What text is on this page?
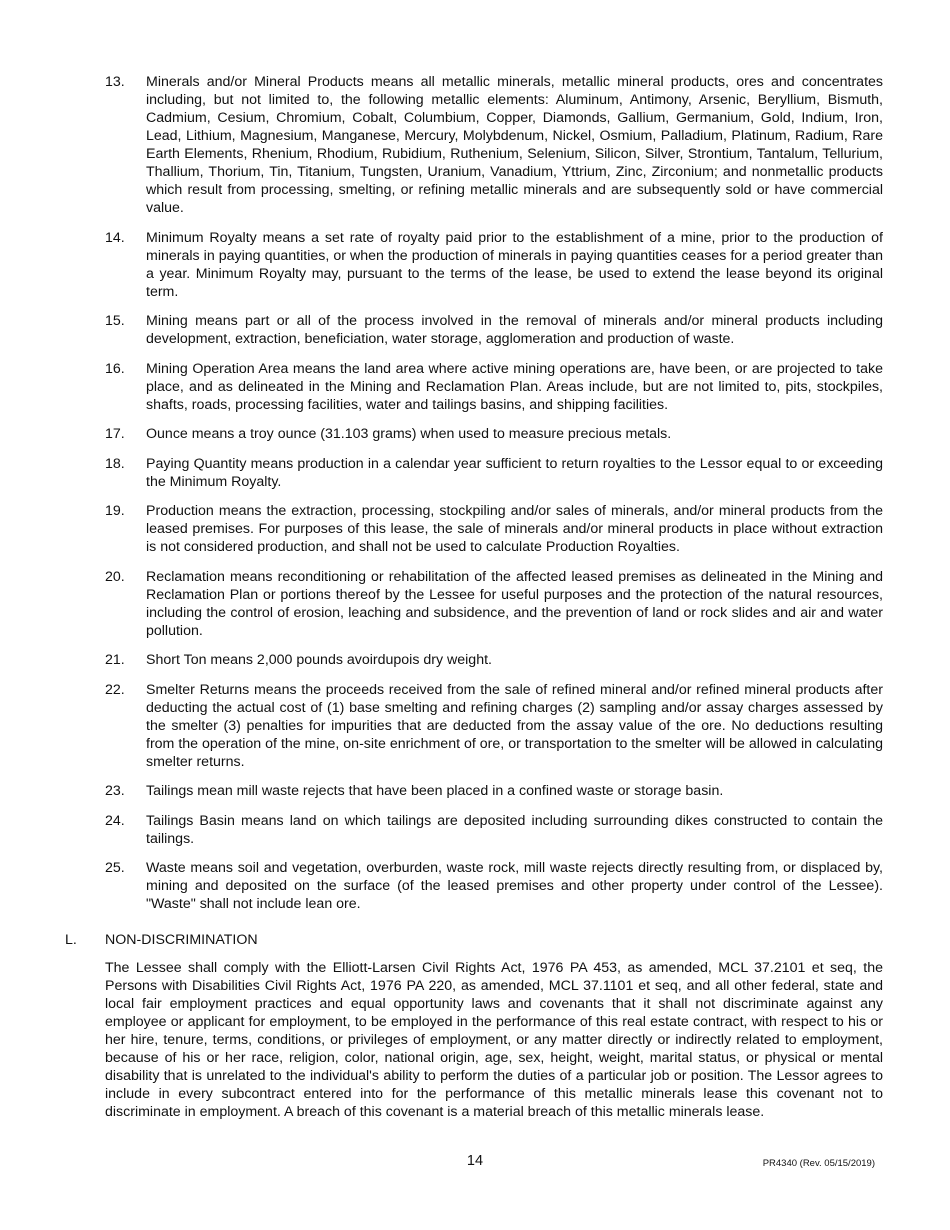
13.	Minerals and/or Mineral Products means all metallic minerals, metallic mineral products, ores and concentrates including, but not limited to, the following metallic elements: Aluminum, Antimony, Arsenic, Beryllium, Bismuth, Cadmium, Cesium, Chromium, Cobalt, Columbium, Copper, Diamonds, Gallium, Germanium, Gold, Indium, Iron, Lead, Lithium, Magnesium, Manganese, Mercury, Molybdenum, Nickel, Osmium, Palladium, Platinum, Radium, Rare Earth Elements, Rhenium, Rhodium, Rubidium, Ruthenium, Selenium, Silicon, Silver, Strontium, Tantalum, Tellurium, Thallium, Thorium, Tin, Titanium, Tungsten, Uranium, Vanadium, Yttrium, Zinc, Zirconium; and nonmetallic products which result from processing, smelting, or refining metallic minerals and are subsequently sold or have commercial value.
14.	Minimum Royalty means a set rate of royalty paid prior to the establishment of a mine, prior to the production of minerals in paying quantities, or when the production of minerals in paying quantities ceases for a period greater than a year. Minimum Royalty may, pursuant to the terms of the lease, be used to extend the lease beyond its original term.
15.	Mining means part or all of the process involved in the removal of minerals and/or mineral products including development, extraction, beneficiation, water storage, agglomeration and production of waste.
16.	Mining Operation Area means the land area where active mining operations are, have been, or are projected to take place, and as delineated in the Mining and Reclamation Plan. Areas include, but are not limited to, pits, stockpiles, shafts, roads, processing facilities, water and tailings basins, and shipping facilities.
17.	Ounce means a troy ounce (31.103 grams) when used to measure precious metals.
18.	Paying Quantity means production in a calendar year sufficient to return royalties to the Lessor equal to or exceeding the Minimum Royalty.
19.	Production means the extraction, processing, stockpiling and/or sales of minerals, and/or mineral products from the leased premises. For purposes of this lease, the sale of minerals and/or mineral products in place without extraction is not considered production, and shall not be used to calculate Production Royalties.
20.	Reclamation means reconditioning or rehabilitation of the affected leased premises as delineated in the Mining and Reclamation Plan or portions thereof by the Lessee for useful purposes and the protection of the natural resources, including the control of erosion, leaching and subsidence, and the prevention of land or rock slides and air and water pollution.
21.	Short Ton means 2,000 pounds avoirdupois dry weight.
22.	Smelter Returns means the proceeds received from the sale of refined mineral and/or refined mineral products after deducting the actual cost of (1) base smelting and refining charges (2) sampling and/or assay charges assessed by the smelter (3) penalties for impurities that are deducted from the assay value of the ore. No deductions resulting from the operation of the mine, on-site enrichment of ore, or transportation to the smelter will be allowed in calculating smelter returns.
23.	Tailings mean mill waste rejects that have been placed in a confined waste or storage basin.
24.	Tailings Basin means land on which tailings are deposited including surrounding dikes constructed to contain the tailings.
25.	Waste means soil and vegetation, overburden, waste rock, mill waste rejects directly resulting from, or displaced by, mining and deposited on the surface (of the leased premises and other property under control of the Lessee). "Waste" shall not include lean ore.
L.	NON-DISCRIMINATION
The Lessee shall comply with the Elliott-Larsen Civil Rights Act, 1976 PA 453, as amended, MCL 37.2101 et seq, the Persons with Disabilities Civil Rights Act, 1976 PA 220, as amended, MCL 37.1101 et seq, and all other federal, state and local fair employment practices and equal opportunity laws and covenants that it shall not discriminate against any employee or applicant for employment, to be employed in the performance of this real estate contract, with respect to his or her hire, tenure, terms, conditions, or privileges of employment, or any matter directly or indirectly related to employment, because of his or her race, religion, color, national origin, age, sex, height, weight, marital status, or physical or mental disability that is unrelated to the individual's ability to perform the duties of a particular job or position. The Lessor agrees to include in every subcontract entered into for the performance of this metallic minerals lease this covenant not to discriminate in employment. A breach of this covenant is a material breach of this metallic minerals lease.
14	PR4340 (Rev. 05/15/2019)
